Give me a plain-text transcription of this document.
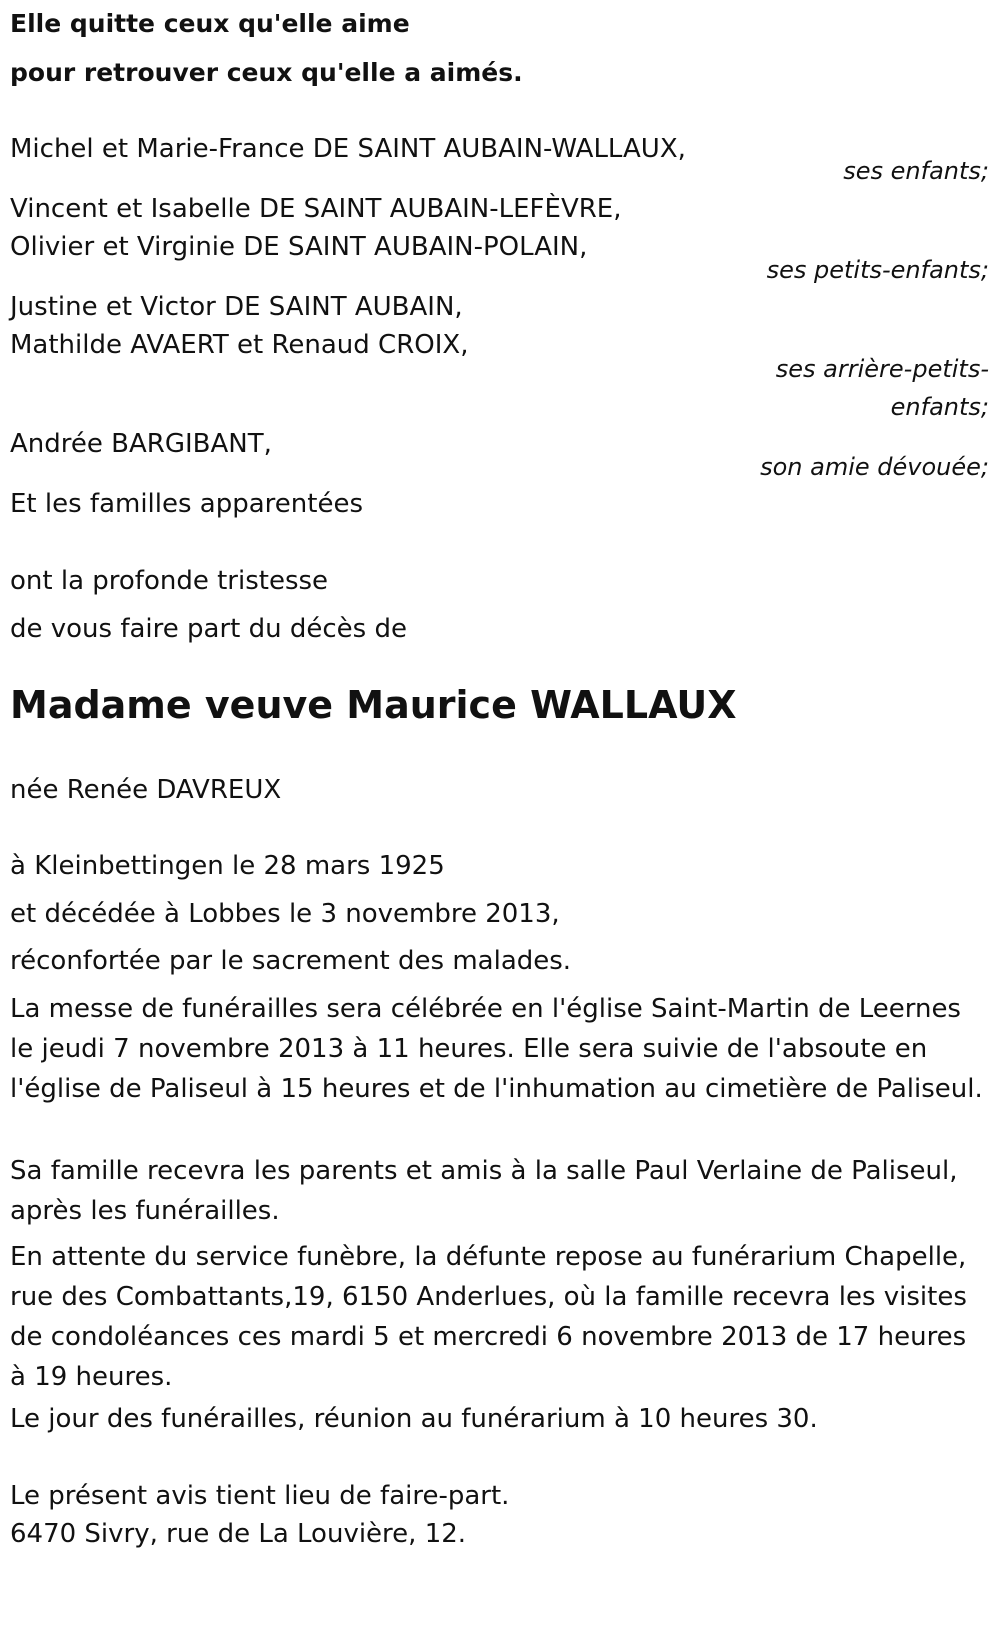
Elle quitte ceux qu'elle aime
pour retrouver ceux qu'elle a aimés.
Michel et Marie-France DE SAINT AUBAIN-WALLAUX,
ses enfants;
Vincent et Isabelle DE SAINT AUBAIN-LEFÈVRE,
Olivier et Virginie DE SAINT AUBAIN-POLAIN,
ses petits-enfants;
Justine et Victor DE SAINT AUBAIN,
Mathilde AVAERT et Renaud CROIX,
ses arrière-petits-
enfants;
Andrée BARGIBANT,
son amie dévouée;
Et les familles apparentées
ont la profonde tristesse
de vous faire part du décès de
Madame veuve Maurice WALLAUX
née Renée DAVREUX
à Kleinbettingen le 28 mars 1925
et décédée à Lobbes le 3 novembre 2013,
réconfortée par le sacrement des malades.
La messe de funérailles sera célébrée en l'église Saint-Martin de Leernes le jeudi 7 novembre 2013 à 11 heures. Elle sera suivie de l'absoute en l'église de Paliseul à 15 heures et de l'inhumation au cimetière de Paliseul.
Sa famille recevra les parents et amis à la salle Paul Verlaine de Paliseul, après les funérailles.
En attente du service funèbre, la défunte repose au funérarium Chapelle, rue des Combattants,19, 6150 Anderlues, où la famille recevra les visites de condoléances ces mardi 5 et mercredi 6 novembre 2013 de 17 heures à 19 heures.
Le jour des funérailles, réunion au funérarium à 10 heures 30.
Le présent avis tient lieu de faire-part.
6470 Sivry, rue de La Louvière, 12.
